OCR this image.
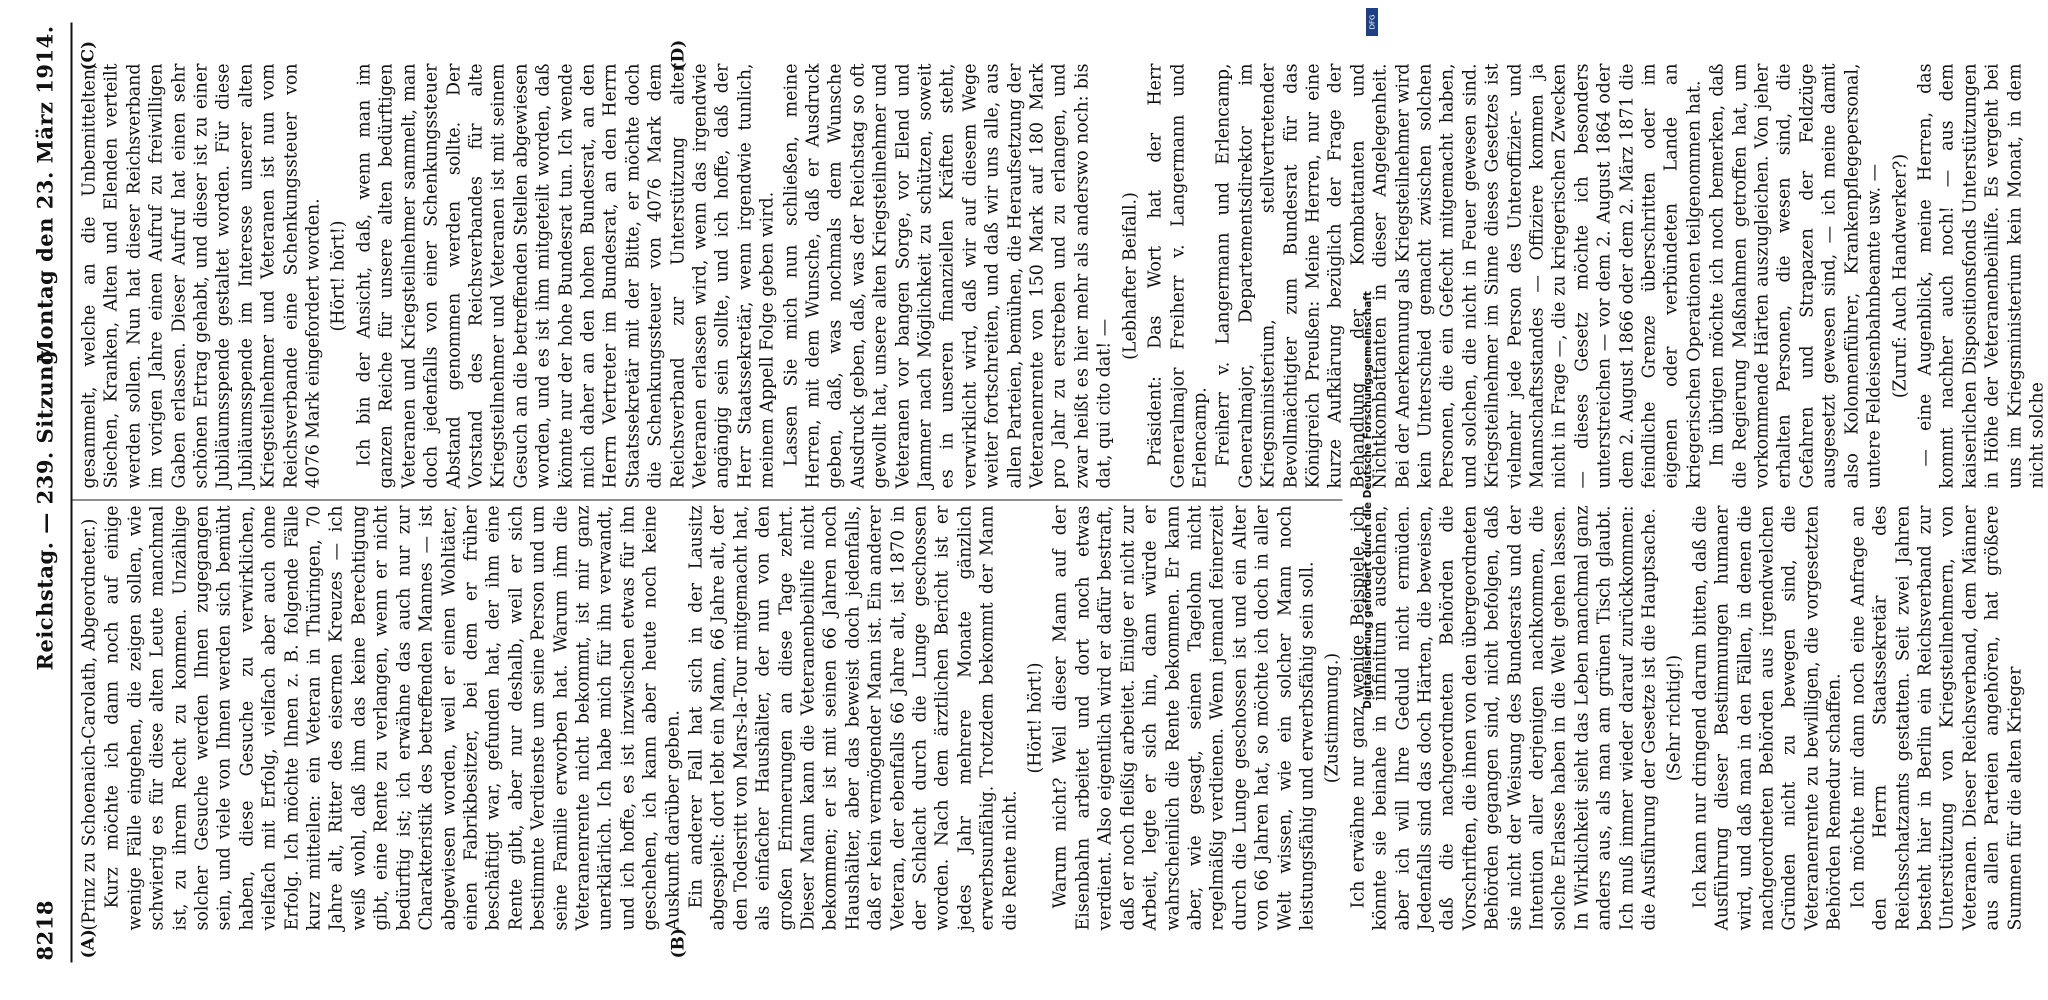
8218
Reichstag. — 239. Sitzung.
Montag den 23. März 1914.
(A)	(B)
(C)	(D)

(Prinz zu Schoenaich-Carolath, Abgeordneter.) Kurz möchte ich dann noch auf einige wenige Fälle eingehen, die zeigen sollen, wie schwierig es für diese alten Leute manchmal ist, zu ihrem Recht zu kommen. Unzählige solcher Gesuche werden Ihnen zugegangen sein, und viele von Ihnen werden sich bemüht haben, diese Gesuche zu verwirklichen, vielfach mit Erfolg, vielfach aber auch ohne Erfolg. Ich möchte Ihnen z. B. folgende Fälle kurz mitteilen: ein Veteran in Thüringen, 70 Jahre alt, Ritter des eisernen Kreuzes — ich weiß wohl, daß ihm das keine Berechtigung gibt, eine Rente zu verlangen, wenn er nicht bedürftig ist; ich erwähne das auch nur zur Charakteristik des betreffenden Mannes — ist abgewiesen worden, weil er einen Wohltäter, einen Fabrikbesitzer, bei dem er früher beschäftigt war, gefunden hat, der ihm eine Rente gibt, aber nur deshalb, weil er sich bestimmte Verdienste um seine Person und um seine Familie erworben hat. Warum ihm die Veteranenrente nicht bekommt, ist mir ganz unerklärlich. Ich habe mich für ihn verwandt, und ich hoffe, es ist inzwischen etwas für ihn geschehen, ich kann aber heute noch keine Auskunft darüber geben. Ein anderer Fall hat sich in der Lausitz abgespielt: dort lebt ein Mann, 66 Jahre alt, der den Todesritt von Mars-la-Tour mitgemacht hat, als einfacher Haushälter, der nun von den großen Erinnerungen an diese Tage zehrt. Dieser Mann kann die Veteranenbeihilfe nicht bekommen; er ist mit seinen 66 Jahren noch Haushälter, aber das beweist doch jedenfalls, daß er kein vermögender Mann ist. Ein anderer Veteran, der ebenfalls 66 Jahre alt, ist 1870 in der Schlacht durch die Lunge geschossen worden. Nach dem ärztlichen Bericht ist er jedes Jahr mehrere Monate gänzlich erwerbsunfähig. Trotzdem bekommt der Mann die Rente nicht.

(Hört! hört!) Warum nicht? Weil dieser Mann auf der Eisenbahn arbeitet und dort noch etwas verdient. Also eigentlich wird er dafür bestraft, daß er noch fleißig arbeitet. Einige er nicht zur Arbeit, legte er sich hin, dann würde er wahrscheinlich die Rente bekommen. Er kann aber, wie gesagt, seinen Tagelohn nicht regelmäßig verdienen. Wenn jemand feinerzeit durch die Lunge geschossen ist und ein Alter von 66 Jahren hat, so möchte ich doch in aller Welt wissen, wie ein solcher Mann noch leistungsfähig und erwerbsfähig sein soll. (Zustimmung.) Ich erwähne nur ganz wenige Beispiele, ich könnte sie beinahe in infinitum ausdehnen, aber ich will Ihre Geduld nicht ermüden. Jedenfalls sind das doch Härten, die beweisen, daß die nachgeordneten Behörden die Vorschriften, die ihnen von den übergeordneten Behörden gegangen sind, nicht befolgen, daß sie nicht der Weisung des Bundesrats und der Intention aller derjenigen nachkommen, die solche Erlasse haben in die Welt gehen lassen. In Wirklichkeit sieht das Leben manchmal ganz anders aus, als man am grünen Tisch glaubt. Ich muß immer wieder darauf zurückkommen: die Ausführung der Gesetze ist die Hauptsache. (Sehr richtig!) Ich kann nur dringend darum bitten, daß die Ausführung dieser Bestimmungen humaner wird, und daß man in den Fällen, in denen die nachgeordneten Behörden aus irgendwelchen Gründen nicht zu bewegen sind, die Veteranenrente zu bewilligen, die vorgesetzten Behörden Remedur schaffen. Ich möchte mir dann noch eine Anfrage an den Herrn Staatssekretär des Reichsschatzamts gestatten. Seit zwei Jahren besteht hier in Berlin ein Reichsverband zur Unterstützung von Kriegsteilnehmern, von Veteranen. Dieser Reichsverband, dem Männer aus allen Parteien angehören, hat größere Summen für die alten Krieger

gesammelt, welche an die Unbemittelten, Siechen, Kranken, Alten und Elenden verteilt werden sollen. Nun hat dieser Reichsverband im vorigen Jahre einen Aufruf zu freiwilligen Gaben erlassen. Dieser Aufruf hat einen sehr schönen Ertrag gehabt, und dieser ist zu einer Jubiläumsspende gestaltet worden. Für diese Jubiläumsspende im Interesse unserer alten Kriegsteilnehmer und Veteranen ist nun vom Reichsverbande eine Schenkungssteuer von 4076 Mark eingefordert worden. (Hört! hört!) Ich bin der Ansicht, daß, wenn man im ganzen Reiche für unsere alten bedürftigen Veteranen und Kriegsteilnehmer sammelt, man doch jedenfalls von einer Schenkungssteuer Abstand genommen werden sollte. Der Vorstand des Reichsverbandes für alte Kriegsteilnehmer und Veteranen ist mit seinem Gesuch an die betreffenden Stellen abgewiesen worden, und es ist ihm mitgeteilt worden, daß könnte nur der hohe Bundesrat tun. Ich wende mich daher an den hohen Bundesrat, an den Herrn Vertreter im Bundesrat, an den Herrn Staatssekretär mit der Bitte, er möchte doch die Schenkungssteuer von 4076 Mark dem Reichsverband zur Unterstützung alter Veteranen erlassen wird, wenn das irgendwie angängig sein sollte, und ich hoffe, daß der Herr Staatssekretär, wenn irgendwie tunlich, meinem Appell Folge geben wird. Lassen Sie mich nun schließen, meine Herren, mit dem Wunsche, daß er Ausdruck geben, daß, was nochmals dem Wunsche Ausdruck geben, daß, was der Reichstag so oft gewollt hat, unsere alten Kriegsteilnehmer und Veteranen vor bangen Sorge, vor Elend und Jammer nach Möglichkeit zu schützen, soweit es in unseren finanziellen Kräften steht, verwirklicht wird, daß wir auf diesem Wege weiter fortschreiten, und daß wir uns alle, aus allen Parteien, bemühen, die Heraufsetzung der Veteranenrente von 150 Mark auf 180 Mark pro Jahr zu erstreben und zu erlangen, und zwar heißt es hier mehr als anderswo noch: bis dat, qui cito dat! —

(Lebhafter Beifall.) Präsident: Das Wort hat der Herr Generalmajor Freiherr v. Langermann und Erlencamp. Freiherr v. Langermann und Erlencamp, Generalmajor, Departementsdirektor im Kriegsministerium, stellvertretender Bevollmächtigter zum Bundesrat für das Königreich Preußen: Meine Herren, nur eine kurze Aufklärung bezüglich der Frage der Behandlung der Kombattanten und Nichtkombattanten in dieser Angelegenheit. Bei der Anerkennung als Kriegsteilnehmer wird kein Unterschied gemacht zwischen solchen Personen, die ein Gefecht mitgemacht haben, und solchen, die nicht in Feuer gewesen sind. Kriegsteilnehmer im Sinne dieses Gesetzes ist vielmehr jede Person des Unteroffizier- und Mannschaftsstandes — Offiziere kommen ja nicht in Frage —, die zu kriegerischen Zwecken — dieses Gesetz möchte ich besonders unterstreichen — vor dem 2. August 1864 oder dem 2. August 1866 oder dem 2. März 1871 die feindliche Grenze überschritten oder im eigenen oder verbündeten Lande an kriegerischen Operationen teilgenommen hat. Im übrigen möchte ich noch bemerken, daß die Regierung Maßnahmen getroffen hat, um vorkommende Härten auszugleichen. Von jeher erhalten Personen, die wesen sind, die Gefahren und Strapazen der Feldzüge ausgesetzt gewesen sind, — ich meine damit also Kolonnenführer, Krankenpflegepersonal, untere Feldeisenbahnbeamte usw. — (Zuruf: Auch Handwerker?) — eine Augenblick, meine Herren, das kommt nachher auch noch! — aus dem kaiserlichen Dispositionsfonds Unterstützungen in Höhe der Veteranenbeihilfe. Es vergeht bei uns im Kriegsministerium kein Monat, in dem nicht solche

Digitalisierung gefördert durch die Deutsche Forschungsgemeinschaft
DFG
